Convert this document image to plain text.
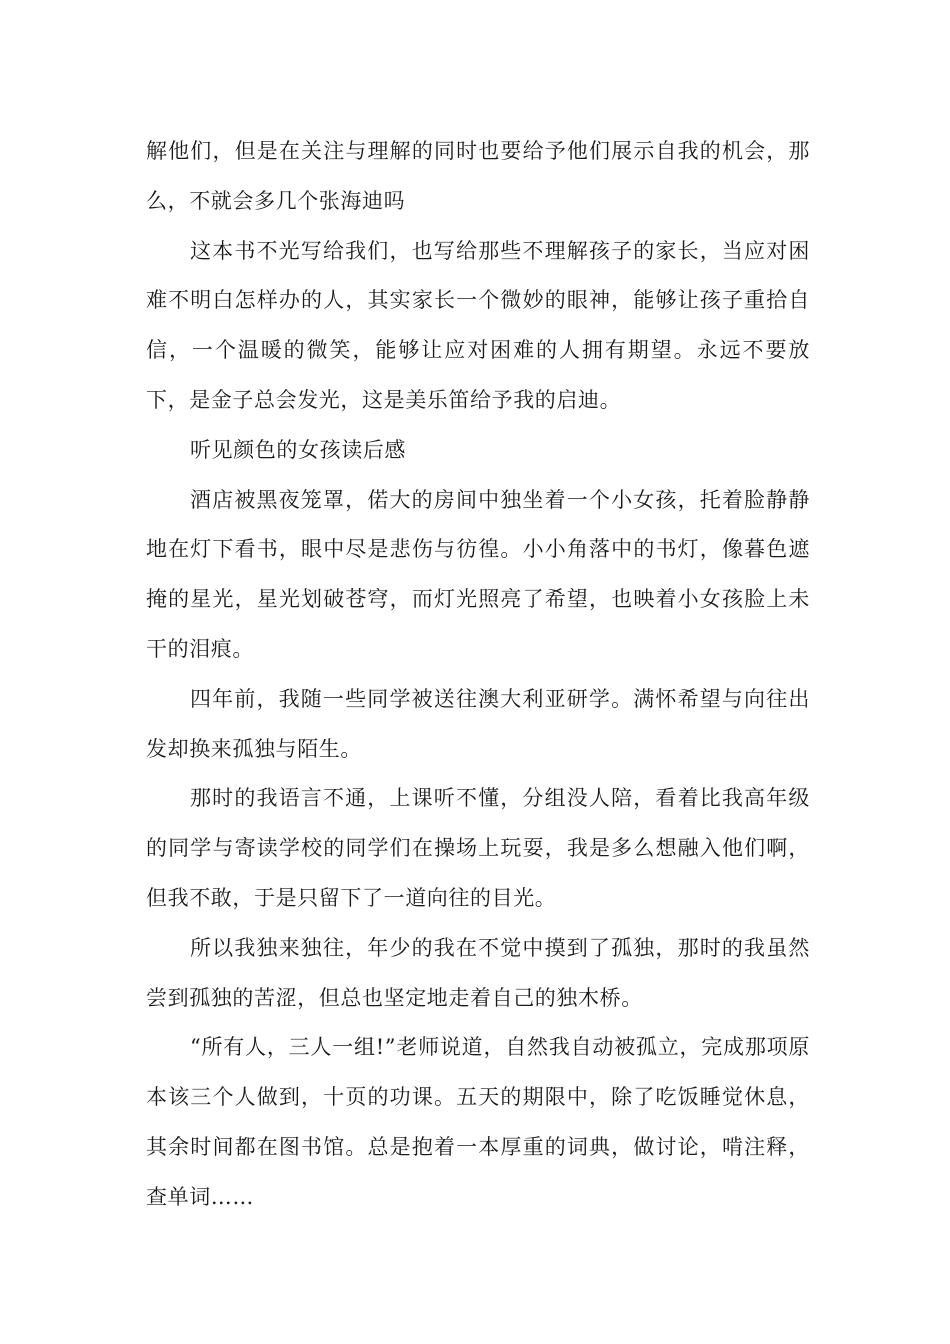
解他们，但是在关注与理解的同时也要给予他们展示自我的机会，那么，不就会多几个张海迪吗

这本书不光写给我们，也写给那些不理解孩子的家长，当应对困难不明白怎样办的人，其实家长一个微妙的眼神，能够让孩子重拾自信，一个温暖的微笑，能够让应对困难的人拥有期望。永远不要放下，是金子总会发光，这是美乐笛给予我的启迪。

听见颜色的女孩读后感

酒店被黑夜笼罩，偌大的房间中独坐着一个小女孩，托着脸静静地在灯下看书，眼中尽是悲伤与彷徨。小小角落中的书灯，像暮色遮掩的星光，星光划破苍穹，而灯光照亮了希望，也映着小女孩脸上未干的泪痕。

四年前，我随一些同学被送往澳大利亚研学。满怀希望与向往出发却换来孤独与陌生。

那时的我语言不通，上课听不懂，分组没人陪，看着比我高年级的同学与寄读学校的同学们在操场上玩耍，我是多么想融入他们啊，但我不敢，于是只留下了一道向往的目光。

所以我独来独往，年少的我在不觉中摸到了孤独，那时的我虽然尝到孤独的苦涩，但总也坚定地走着自己的独木桥。

“所有人，三人一组!”老师说道，自然我自动被孤立，完成那项原本该三个人做到，十页的功课。五天的期限中，除了吃饭睡觉休息，其余时间都在图书馆。总是抱着一本厚重的词典，做讨论，啃注释，查单词……
